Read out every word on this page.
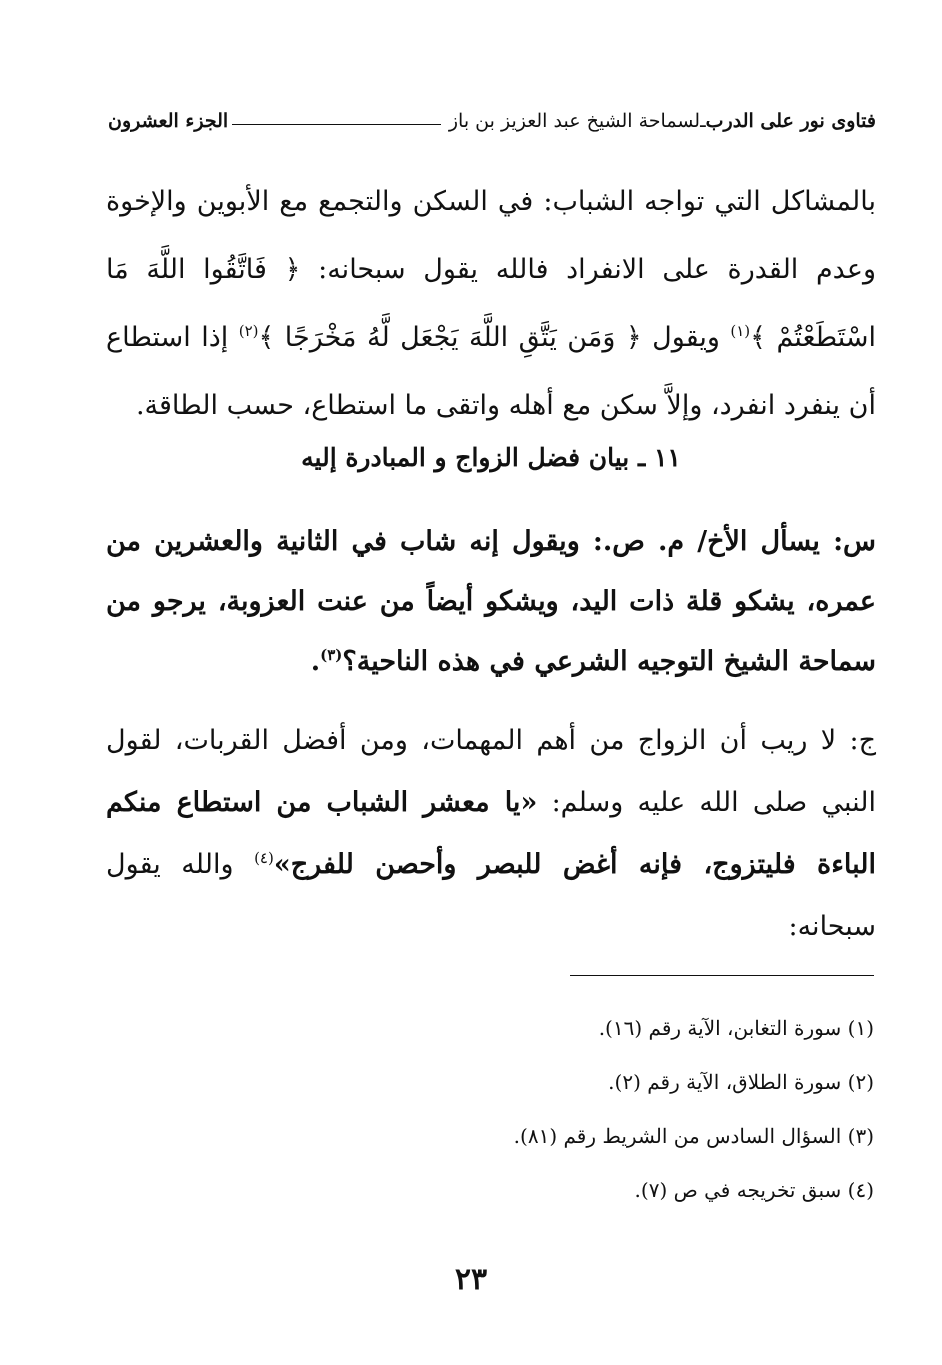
فتاوى نور على الدرب
ـ
لسماحة الشيخ عبد العزيز بن باز
الجزء العشرون

بالمشاكل التي تواجه الشباب: في السكن والتجمع مع الأبوين والإخوة وعدم القدرة على الانفراد فالله يقول سبحانه: ﴿ فَاتَّقُوا اللَّهَ مَا اسْتَطَعْتُمْ ﴾$^{(١)}$ ويقول ﴿ وَمَن يَتَّقِ اللَّهَ يَجْعَل لَّهُ مَخْرَجًا ﴾$^{(٢)}$ إذا استطاع أن ينفرد انفرد، وإلاَّ سكن مع أهله واتقى ما استطاع، حسب الطاقة.

١١ ـ بيان فضل الزواج و المبادرة إليه

س: يسأل الأخ/ م. ص.: ويقول إنه شاب في الثانية والعشرين من عمره، يشكو قلة ذات اليد، ويشكو أيضاً من عنت العزوبة، يرجو من سماحة الشيخ التوجيه الشرعي في هذه الناحية؟$^{(٣)}$.

ج: لا ريب أن الزواج من أهم المهمات، ومن أفضل القربات، لقول النبي صلى الله عليه وسلم: «يا معشر الشباب من استطاع منكم الباءة فليتزوج، فإنه أغض للبصر وأحصن للفرج»$^{(٤)}$ والله يقول سبحانه:

(١) سورة التغابن، الآية رقم (١٦).
(٢) سورة الطلاق، الآية رقم (٢).
(٣) السؤال السادس من الشريط رقم (٨١).
(٤) سبق تخريجه في ص (٧).
٢٣
